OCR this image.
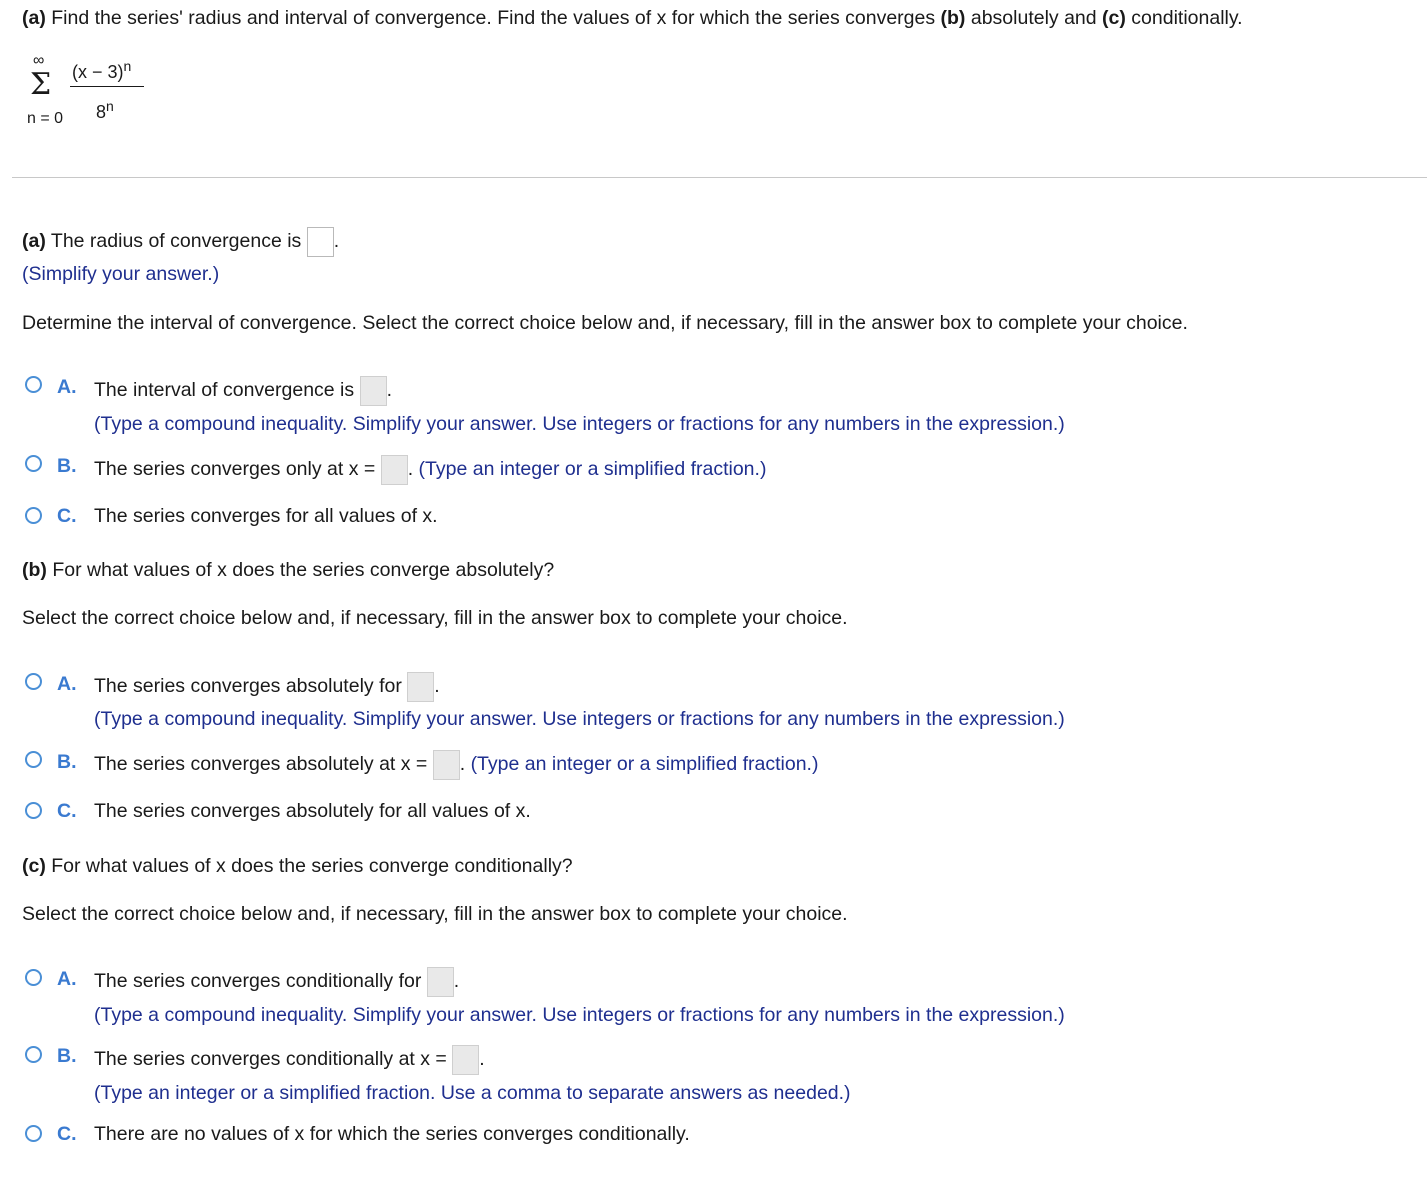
(a) Find the series' radius and interval of convergence. Find the values of x for which the series converges (b) absolutely and (c) conditionally.
∞
Σ
n = 0
$(x - 3)^n$
8$^n$
(a) The radius of convergence is .
(Simplify your answer.)
Determine the interval of convergence. Select the correct choice below and, if necessary, fill in the answer box to complete your choice.
A. The interval of convergence is .
(Type a compound inequality. Simplify your answer. Use integers or fractions for any numbers in the expression.)
B. The series converges only at x = . (Type an integer or a simplified fraction.)
C. The series converges for all values of x.
(b) For what values of x does the series converge absolutely?
Select the correct choice below and, if necessary, fill in the answer box to complete your choice.
A. The series converges absolutely for .
(Type a compound inequality. Simplify your answer. Use integers or fractions for any numbers in the expression.)
B. The series converges absolutely at x = . (Type an integer or a simplified fraction.)
C. The series converges absolutely for all values of x.
(c) For what values of x does the series converge conditionally?
Select the correct choice below and, if necessary, fill in the answer box to complete your choice.
A. The series converges conditionally for .
(Type a compound inequality. Simplify your answer. Use integers or fractions for any numbers in the expression.)
B. The series converges conditionally at x = .
(Type an integer or a simplified fraction. Use a comma to separate answers as needed.)
C. There are no values of x for which the series converges conditionally.
